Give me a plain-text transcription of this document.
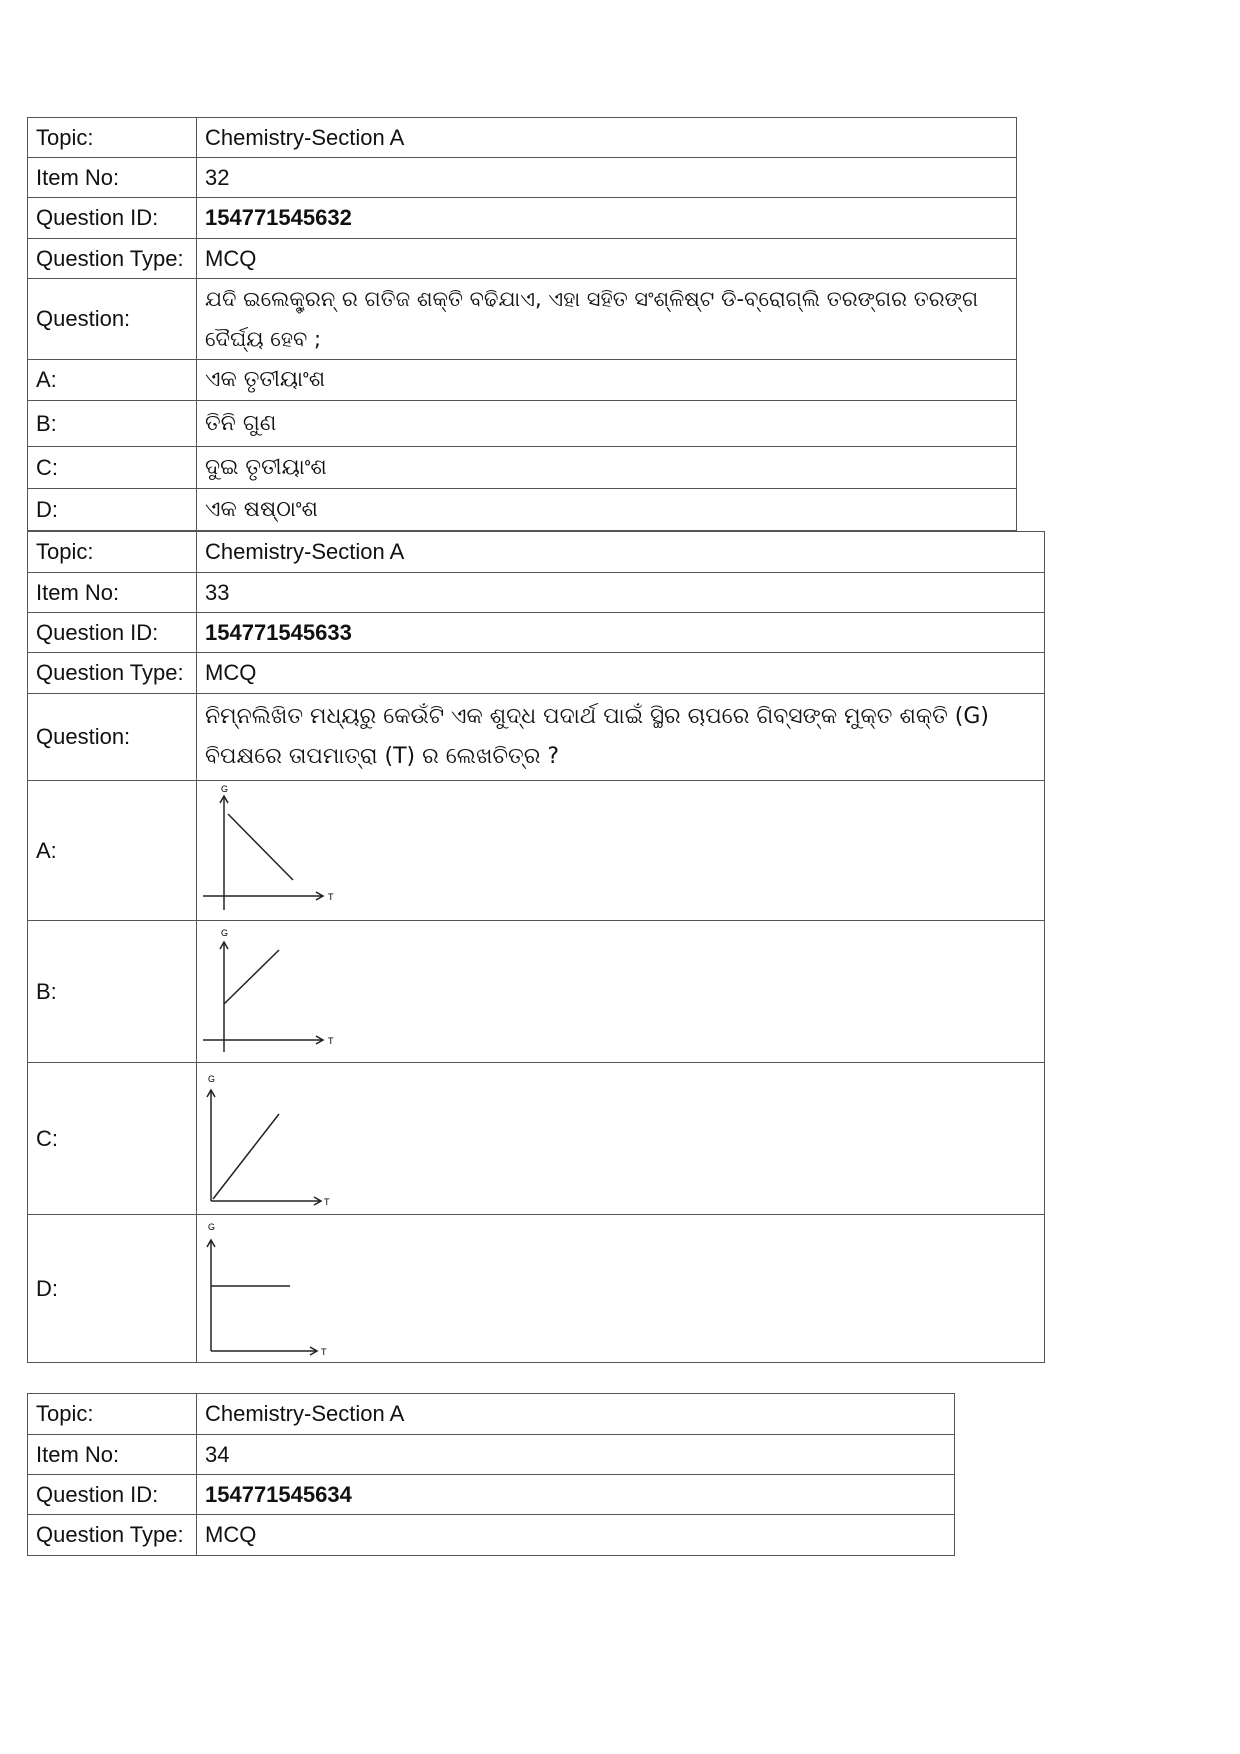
Topic:	Chemistry-Section A
Item No:	32
Question ID:	154771545632
Question Type:	MCQ
Question:	ଯଦି ଇଲେକ୍ଟ୍ରନ୍ ର ଗତିଜ ଶକ୍ତି ବଢିଯାଏ, ଏହା ସହିତ ସଂଶ୍ଳିଷ୍ଟ ଡି-ବ୍ରୋଗ୍ଲି ତରଙ୍ଗର ତରଙ୍ଗ ଦୈର୍ଘ୍ୟ ହେବ ;
A:	ଏକ ତୃତୀୟାଂଶ
B:	ତିନି ଗୁଣ
C:	ଦୁଇ ତୃତୀୟାଂଶ
D:	ଏକ ଷଷ୍ଠାଂଶ
Topic:	Chemistry-Section A
Item No:	33
Question ID:	154771545633
Question Type:	MCQ
Question:	ନିମ୍ନଲିଖିତ ମଧ୍ୟରୁ କେଉଁଟି ଏକ ଶୁଦ୍ଧ ପଦାର୍ଥ ପାଇଁ ସ୍ଥିର ଚାପରେ ଗିବ୍ସଙ୍କ ମୁକ୍ତ ଶକ୍ତି (G) ବିପକ୍ଷରେ ତାପମାତ୍ରା (T) ର ଲେଖଚିତ୍ର ?
A:	G
T

B:	G
T

C:	G
T

D:	G
T
Topic:	Chemistry-Section A
Item No:	34
Question ID:	154771545634
Question Type:	MCQ
